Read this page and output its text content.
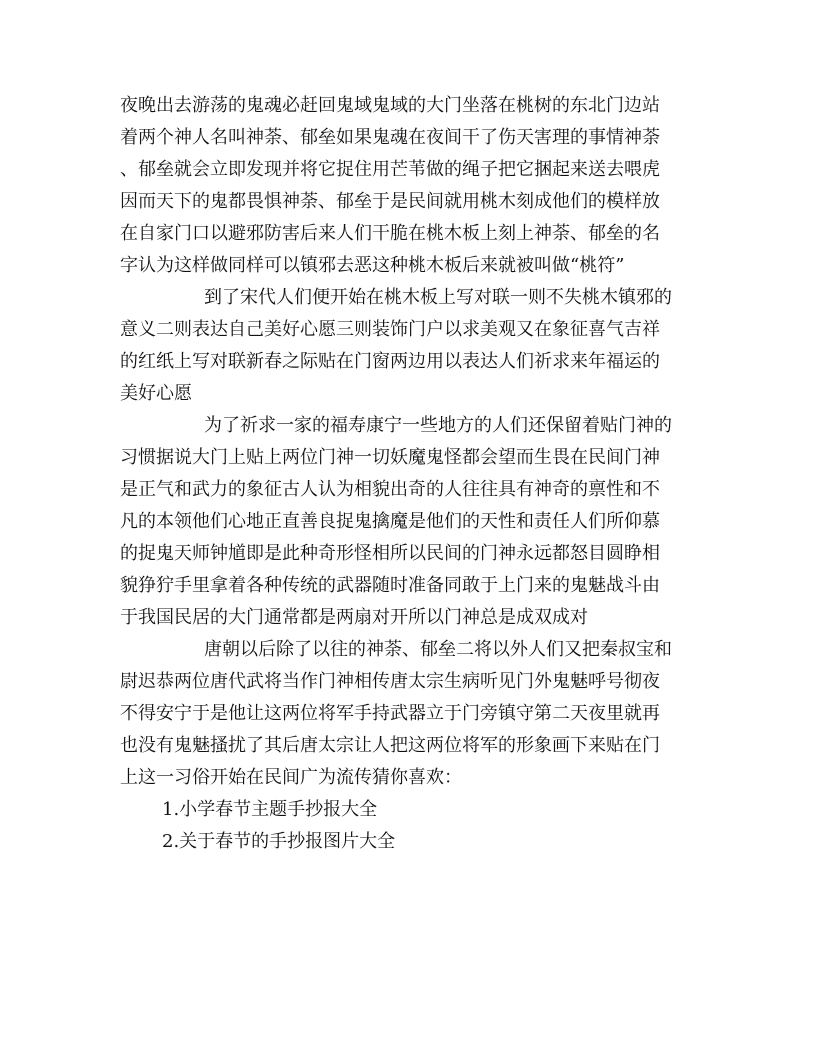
夜晚出去游荡的鬼魂必赶回鬼域鬼域的大门坐落在桃树的东北门边站
着两个神人名叫神荼、郁垒如果鬼魂在夜间干了伤天害理的事情神荼
、郁垒就会立即发现并将它捉住用芒苇做的绳子把它捆起来送去喂虎
因而天下的鬼都畏惧神荼、郁垒于是民间就用桃木刻成他们的模样放
在自家门口以避邪防害后来人们干脆在桃木板上刻上神荼、郁垒的名
字认为这样做同样可以镇邪去恶这种桃木板后来就被叫做“桃符”
到了宋代人们便开始在桃木板上写对联一则不失桃木镇邪的
意义二则表达自己美好心愿三则装饰门户以求美观又在象征喜气吉祥
的红纸上写对联新春之际贴在门窗两边用以表达人们祈求来年福运的
美好心愿
为了祈求一家的福寿康宁一些地方的人们还保留着贴门神的
习惯据说大门上贴上两位门神一切妖魔鬼怪都会望而生畏在民间门神
是正气和武力的象征古人认为相貌出奇的人往往具有神奇的禀性和不
凡的本领他们心地正直善良捉鬼擒魔是他们的天性和责任人们所仰慕
的捉鬼天师钟馗即是此种奇形怪相所以民间的门神永远都怒目圆睁相
貌狰狞手里拿着各种传统的武器随时准备同敢于上门来的鬼魅战斗由
于我国民居的大门通常都是两扇对开所以门神总是成双成对
唐朝以后除了以往的神荼、郁垒二将以外人们又把秦叔宝和
尉迟恭两位唐代武将当作门神相传唐太宗生病听见门外鬼魅呼号彻夜
不得安宁于是他让这两位将军手持武器立于门旁镇守第二天夜里就再
也没有鬼魅搔扰了其后唐太宗让人把这两位将军的形象画下来贴在门
上这一习俗开始在民间广为流传猜你喜欢：
1.小学春节主题手抄报大全
2.关于春节的手抄报图片大全
